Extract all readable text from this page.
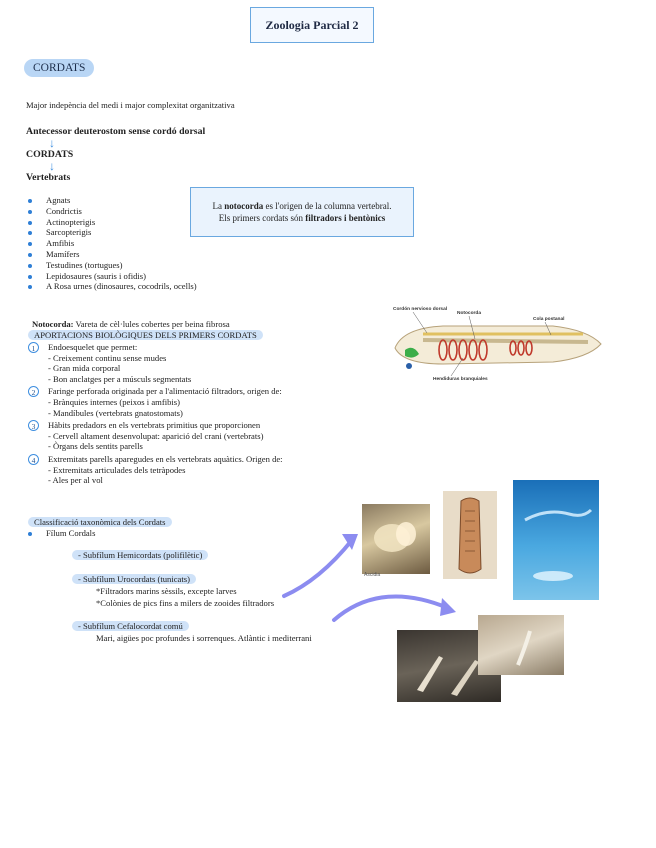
Zoologia Parcial 2
CORDATS
Major indepència del medi i major complexitat organitzativa
Antecessor deuterostom sense cordó dorsal
↓
CORDATS
↓
Vertebrats
Agnats
Condrictis
Actinopterigis
Sarcopterigis
Amfibis
Mamífers
Testudines (tortugues)
Lepidosaures (sauris i ofidis)
A Rosa urnes (dinosaures, cocodrils, ocells)
La notocorda es l'origen de la columna vertebral.
Els primers cordats són filtradors i bentònics
Notocorda: Vareta de cèl·lules cobertes per beina fibrosa
APORTACIONS BIOLÒGIQUES DELS PRIMERS CORDATS
1	Endoesquelet que permet:
- Creixement continu sense mudes
- Gran mida corporal
- Bon anclatges per a músculs segmentats
2	Faringe perforada originada per a l'alimentació filtradors, origen de:
- Brànquies internes (peixos i amfibis)
- Mandíbules (vertebrats gnatostomats)
3	Hàbits predadors en els vertebrats primitius que proporcionen
- Cervell altament desenvolupat: aparició del crani (vertebrats)
- Òrgans dels sentits parells
4	Extremitats parells aparegudes en els vertebrats aquàtics. Origen de:
- Extremitats articulades dels tetràpodes
- Ales per al vol
Cordón nervioso dorsal
Notocorda
Cola postanal
Hendiduras branquiales
Classificació taxonòmica dels Cordats
Fílum Cordals
- Subfílum Hemicordats (polifilètic)
- Subfílum Urocordats (tunicats)
*Filtradors marins sèssils, excepte larves
*Colònies de pics fins a milers de zooides filtradors
- Subfílum Cefalocordat comú
Mari, aigües poc profundes i sorrenques. Atlàntic i mediterrani
Ascidia
